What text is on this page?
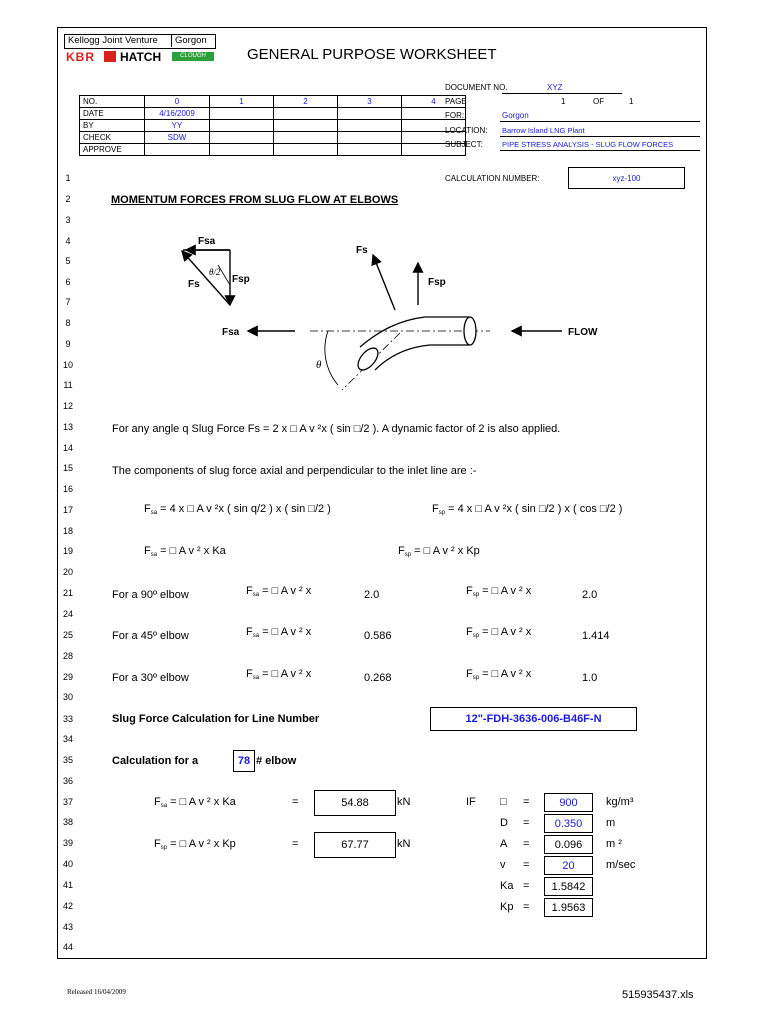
Kellogg Joint Venture Gorgon
KBR HATCH	CLOUGH	GENERAL PURPOSE WORKSHEET
DOCUMENT NO.	XYZ
PAGE	1	OF	1
FOR:	Gorgon
LOCATION: Barrow Island LNG Plant
SUBJECT:	PIPE STRESS ANALYSIS - SLUG FLOW FORCES
CALCULATION NUMBER:	xyz-100
NO.	0	1	2	3	4
DATE	4/16/2009				
BY	YY				
CHECK	SDW				
APPROVE					
1
2
3
4
5
6
7
8
9
10
11
12
13
14
15
16
17
18
19
20
21
24
25
28
29
30
33
34
35
36
37
38
39
40
41
42
43
44
MOMENTUM FORCES FROM SLUG FLOW AT ELBOWS
Fsa
Fsp
Fs
θ/2
Fs
Fsp
Fsa	FLOW
θ
For any angle q Slug Force Fs = 2 x □ A v ²x ( sin □/2 ). A dynamic factor of 2 is also applied.
The components of slug force axial and perpendicular to the inlet line are :-
$F_{sa} = 4$ x □ A v ²x ( sin q/2 ) x ( sin □/2 )	$F_{sp} = 4$ x □ A v ²x ( sin □/2 ) x ( cos □/2 )
$F_{sa}$ = □ A v ² x Ka	$F_{sp}$ = □ A v ² x Kp
For a 90º elbow	$F_{sa}$ = □ A v ² x	2.0	$F_{sp}$ = □ A v ² x	2.0
For a 45º elbow	$F_{sa}$ = □ A v ² x	0.586	$F_{sp}$ = □ A v ² x	1.414
For a 30º elbow	$F_{sa}$ = □ A v ² x	0.268	$F_{sp}$ = □ A v ² x	1.0
Slug Force Calculation for Line Number	12"-FDH-3636-006-B46F-N
Calculation for a	78 # elbow
$F_{sa}$ = □ A v ² x Ka	=	54.88	kN
$F_{sp}$ = □ A v ² x Kp	=	67.77	kN
IF □ =	900	kg/m³
D = 0.350 m
A = 0.096 m ²
v =	20	m/sec
Ka = 1.5842
Kp = 1.9563
Released 16/04/2009	515935437.xls
